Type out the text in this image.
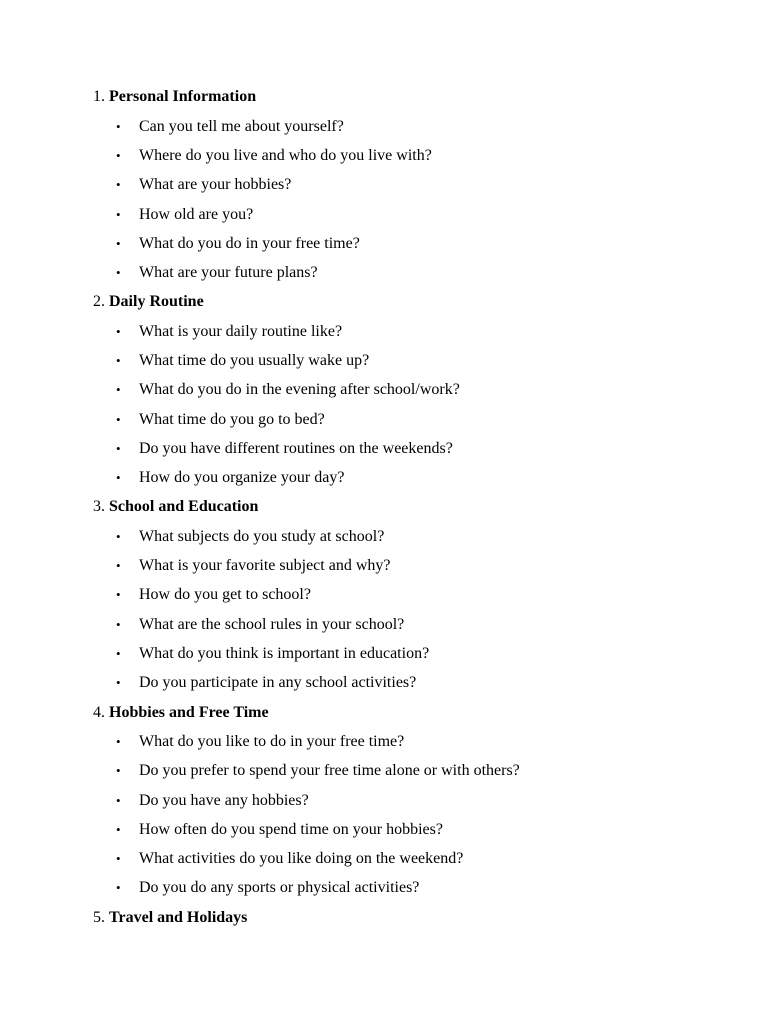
1. Personal Information
• Can you tell me about yourself?
• Where do you live and who do you live with?
• What are your hobbies?
• How old are you?
• What do you do in your free time?
• What are your future plans?
2. Daily Routine
• What is your daily routine like?
• What time do you usually wake up?
• What do you do in the evening after school/work?
• What time do you go to bed?
• Do you have different routines on the weekends?
• How do you organize your day?
3. School and Education
• What subjects do you study at school?
• What is your favorite subject and why?
• How do you get to school?
• What are the school rules in your school?
• What do you think is important in education?
• Do you participate in any school activities?
4. Hobbies and Free Time
• What do you like to do in your free time?
• Do you prefer to spend your free time alone or with others?
• Do you have any hobbies?
• How often do you spend time on your hobbies?
• What activities do you like doing on the weekend?
• Do you do any sports or physical activities?
5. Travel and Holidays
